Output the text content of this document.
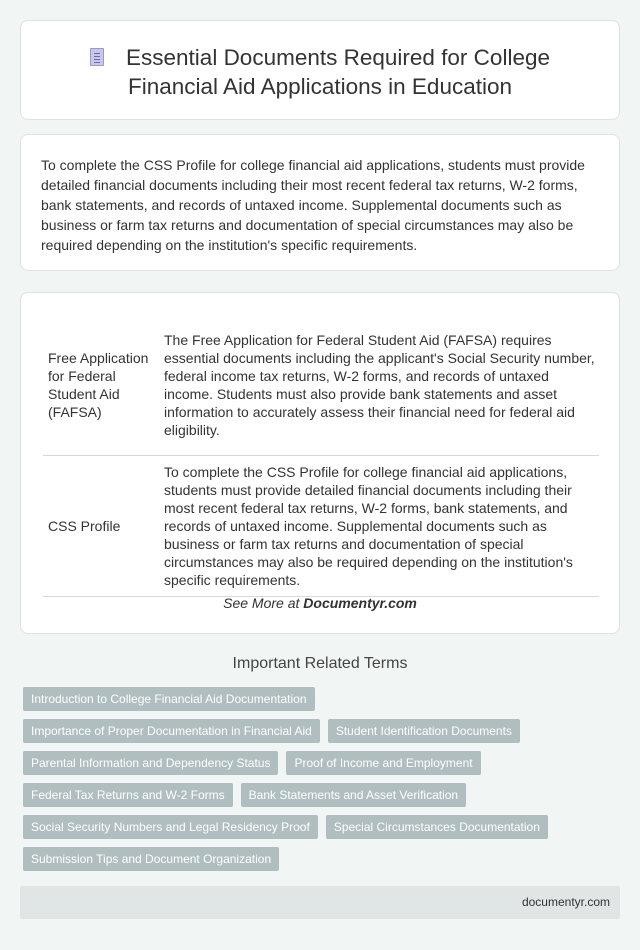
Essential Documents Required for College
Financial Aid Applications in Education

To complete the CSS Profile for college financial aid applications, students must provide detailed financial documents including their most recent federal tax returns, W-2 forms, bank statements, and records of untaxed income. Supplemental documents such as business or farm tax returns and documentation of special circumstances may also be required depending on the institution's specific requirements.

Free Application for Federal Student Aid (FAFSA)	The Free Application for Federal Student Aid (FAFSA) requires essential documents including the applicant's Social Security number, federal income tax returns, W-2 forms, and records of untaxed income. Students must also provide bank statements and asset information to accurately assess their financial need for federal aid eligibility.
CSS Profile	To complete the CSS Profile for college financial aid applications, students must provide detailed financial documents including their most recent federal tax returns, W-2 forms, bank statements, and records of untaxed income. Supplemental documents such as business or farm tax returns and documentation of special circumstances may also be required depending on the institution's specific requirements.
See More at Documentyr.com
Important Related Terms
Introduction to College Financial Aid Documentation
Importance of Proper Documentation in Financial Aid	Student Identification Documents
Parental Information and Dependency Status	Proof of Income and Employment
Federal Tax Returns and W-2 Forms	Bank Statements and Asset Verification
Social Security Numbers and Legal Residency Proof	Special Circumstances Documentation
Submission Tips and Document Organization
documentyr.com
